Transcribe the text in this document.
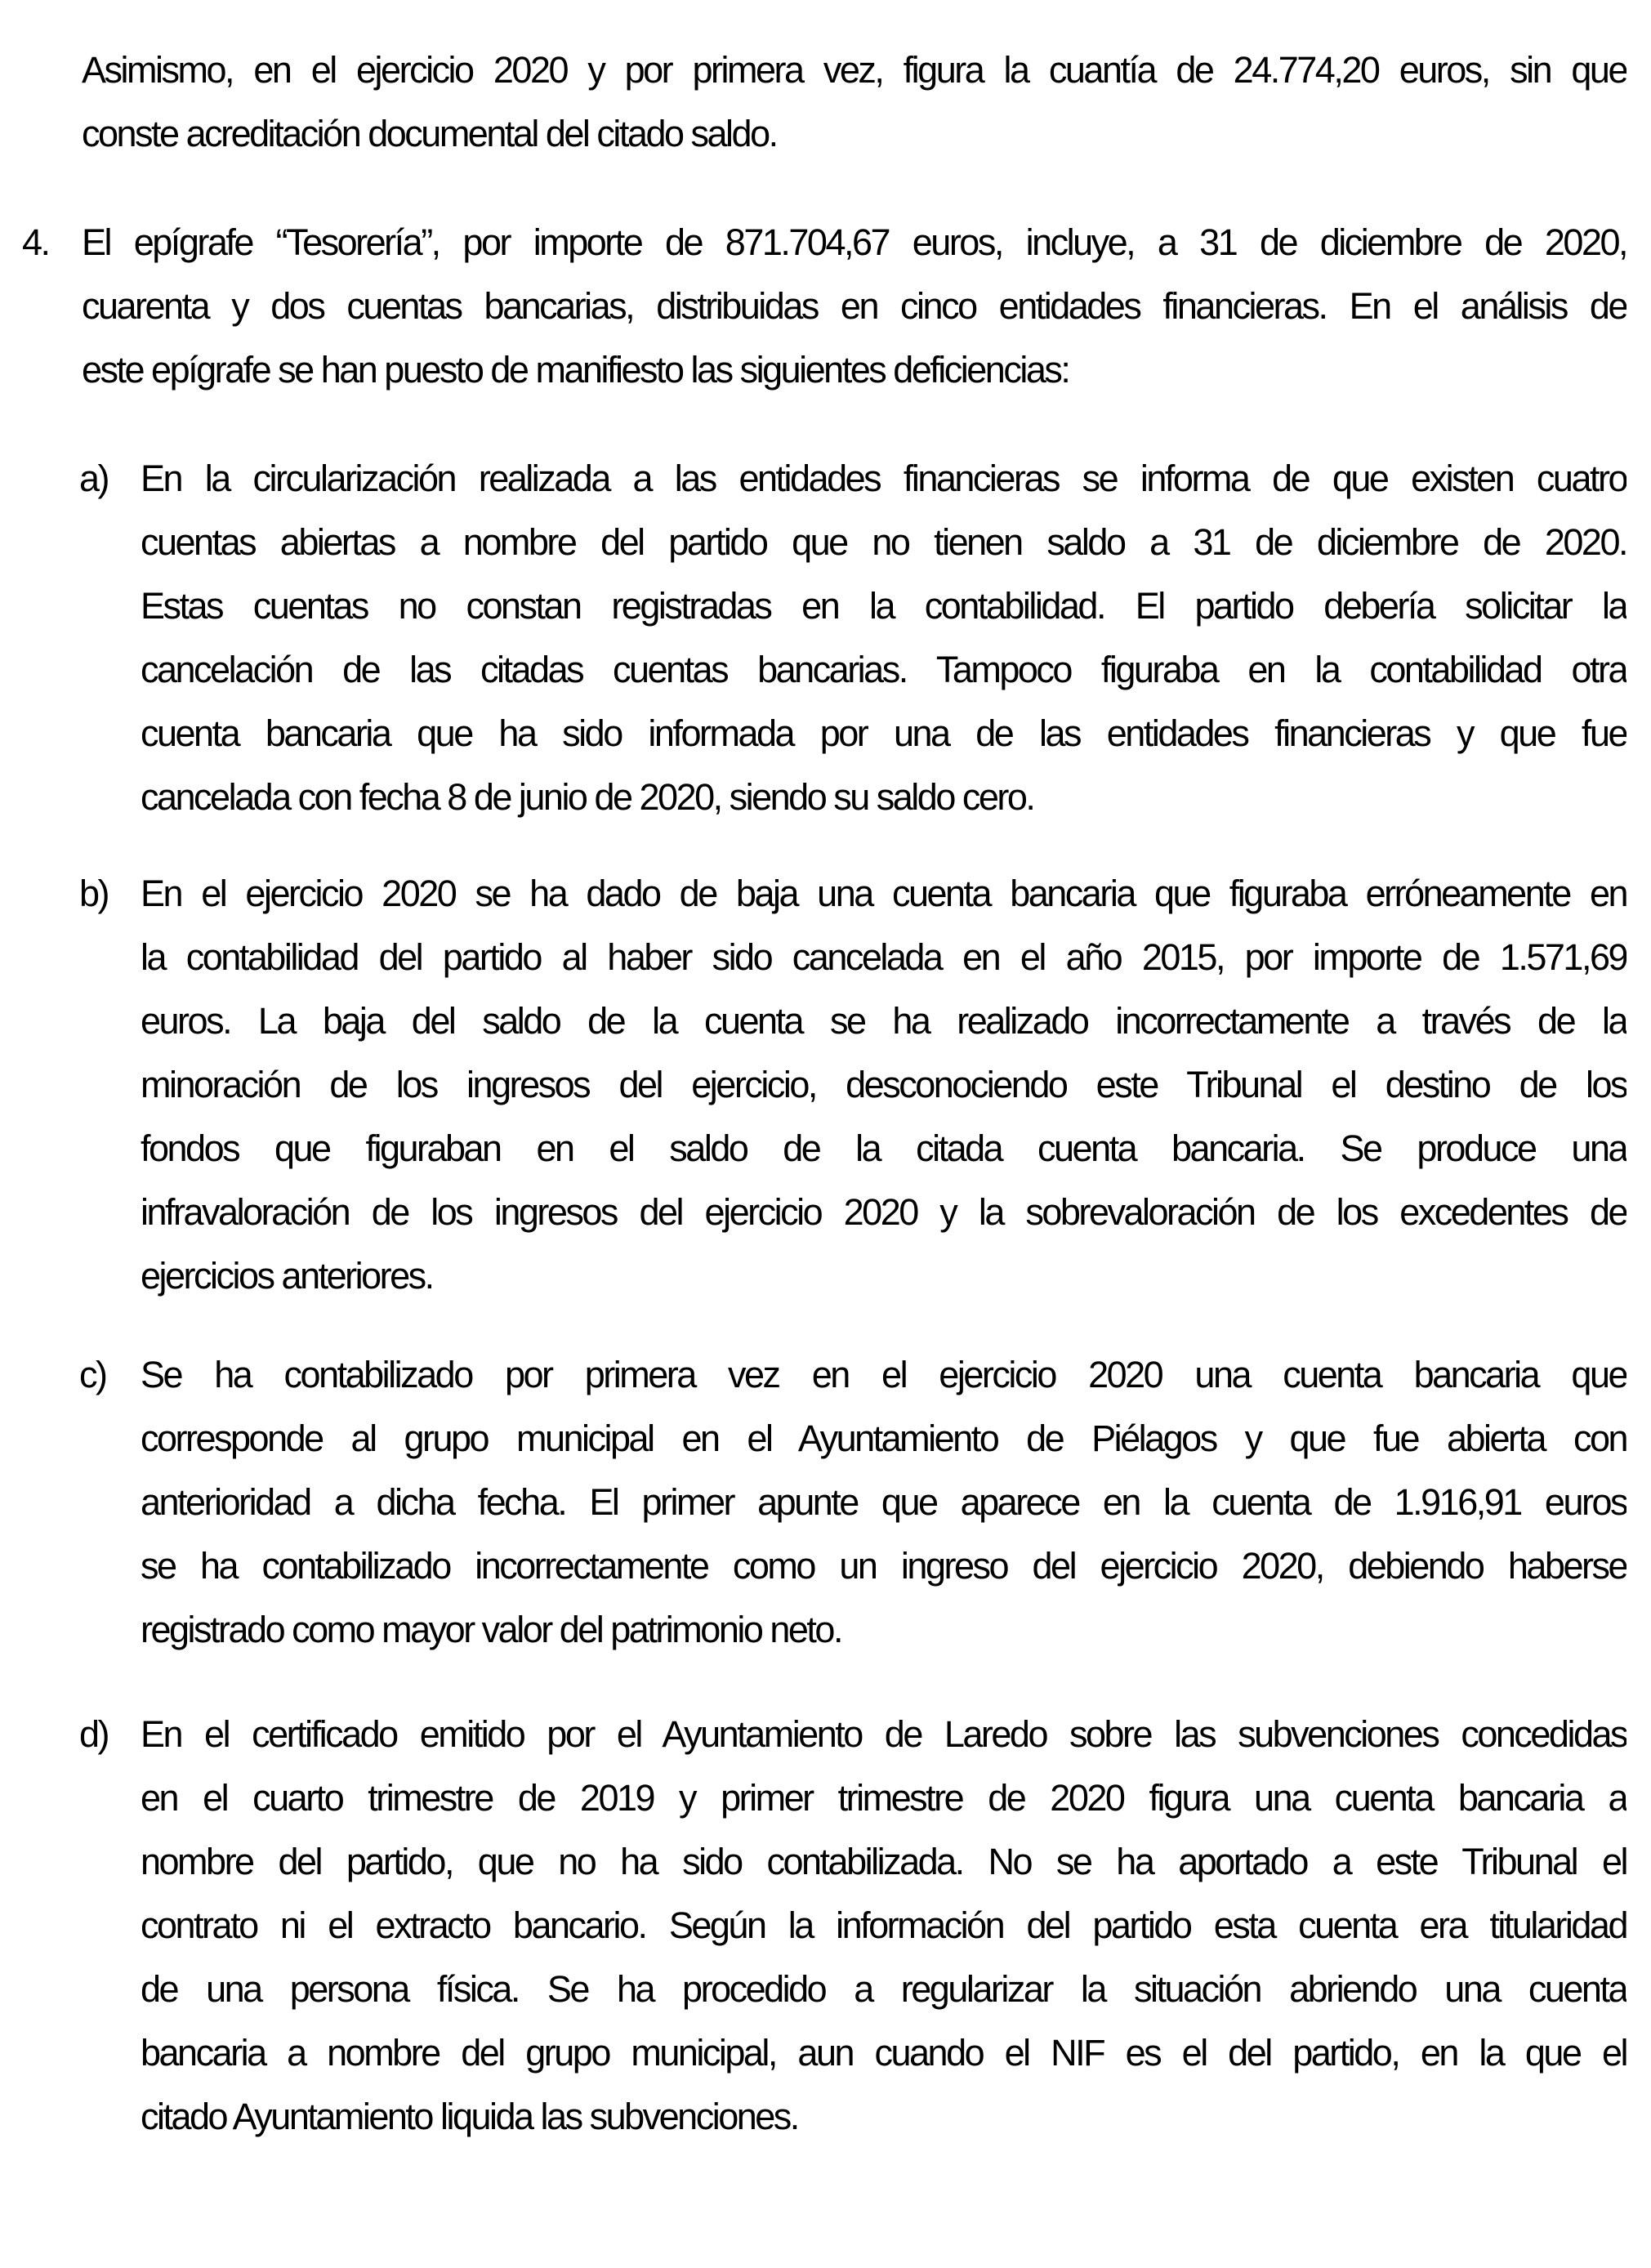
Asimismo, en el ejercicio 2020 y por primera vez, figura la cuantía de 24.774,20 euros, sin que
conste acreditación documental del citado saldo.
4. El epígrafe “Tesorería”, por importe de 871.704,67 euros, incluye, a 31 de diciembre de 2020,
cuarenta y dos cuentas bancarias, distribuidas en cinco entidades financieras. En el análisis de
este epígrafe se han puesto de manifiesto las siguientes deficiencias:
a) En la circularización realizada a las entidades financieras se informa de que existen cuatro
cuentas abiertas a nombre del partido que no tienen saldo a 31 de diciembre de 2020.
Estas cuentas no constan registradas en la contabilidad. El partido debería solicitar la
cancelación de las citadas cuentas bancarias. Tampoco figuraba en la contabilidad otra
cuenta bancaria que ha sido informada por una de las entidades financieras y que fue
cancelada con fecha 8 de junio de 2020, siendo su saldo cero.
b) En el ejercicio 2020 se ha dado de baja una cuenta bancaria que figuraba erróneamente en
la contabilidad del partido al haber sido cancelada en el año 2015, por importe de 1.571,69
euros. La baja del saldo de la cuenta se ha realizado incorrectamente a través de la
minoración de los ingresos del ejercicio, desconociendo este Tribunal el destino de los
fondos que figuraban en el saldo de la citada cuenta bancaria. Se produce una
infravaloración de los ingresos del ejercicio 2020 y la sobrevaloración de los excedentes de
ejercicios anteriores.
c) Se ha contabilizado por primera vez en el ejercicio 2020 una cuenta bancaria que
corresponde al grupo municipal en el Ayuntamiento de Piélagos y que fue abierta con
anterioridad a dicha fecha. El primer apunte que aparece en la cuenta de 1.916,91 euros
se ha contabilizado incorrectamente como un ingreso del ejercicio 2020, debiendo haberse
registrado como mayor valor del patrimonio neto.
d) En el certificado emitido por el Ayuntamiento de Laredo sobre las subvenciones concedidas
en el cuarto trimestre de 2019 y primer trimestre de 2020 figura una cuenta bancaria a
nombre del partido, que no ha sido contabilizada. No se ha aportado a este Tribunal el
contrato ni el extracto bancario. Según la información del partido esta cuenta era titularidad
de una persona física. Se ha procedido a regularizar la situación abriendo una cuenta
bancaria a nombre del grupo municipal, aun cuando el NIF es el del partido, en la que el
citado Ayuntamiento liquida las subvenciones.
